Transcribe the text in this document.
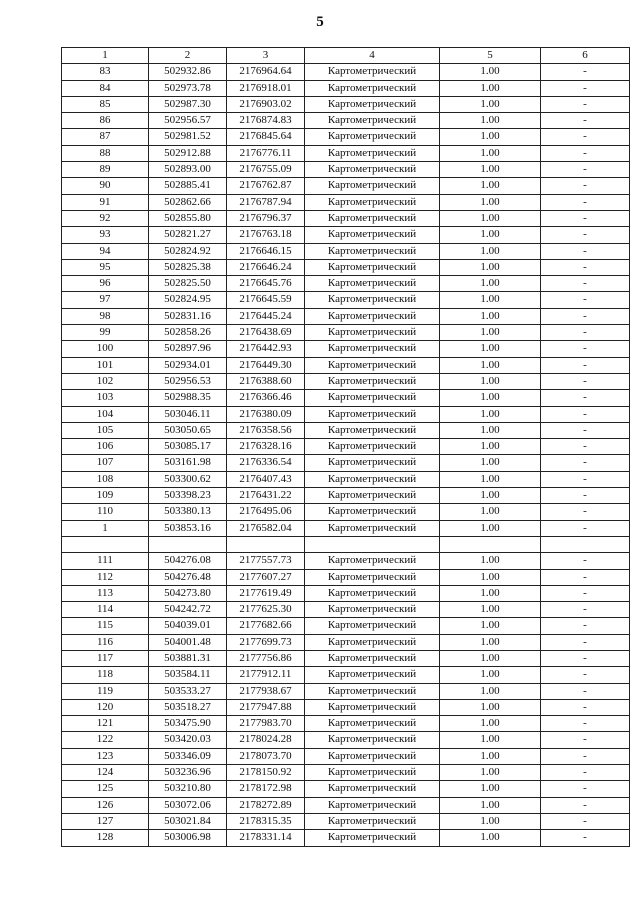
5
1	2	3	4	5	6
83	502932.86	2176964.64	Картометрический	1.00	-
84	502973.78	2176918.01	Картометрический	1.00	-
85	502987.30	2176903.02	Картометрический	1.00	-
86	502956.57	2176874.83	Картометрический	1.00	-
87	502981.52	2176845.64	Картометрический	1.00	-
88	502912.88	2176776.11	Картометрический	1.00	-
89	502893.00	2176755.09	Картометрический	1.00	-
90	502885.41	2176762.87	Картометрический	1.00	-
91	502862.66	2176787.94	Картометрический	1.00	-
92	502855.80	2176796.37	Картометрический	1.00	-
93	502821.27	2176763.18	Картометрический	1.00	-
94	502824.92	2176646.15	Картометрический	1.00	-
95	502825.38	2176646.24	Картометрический	1.00	-
96	502825.50	2176645.76	Картометрический	1.00	-
97	502824.95	2176645.59	Картометрический	1.00	-
98	502831.16	2176445.24	Картометрический	1.00	-
99	502858.26	2176438.69	Картометрический	1.00	-
100	502897.96	2176442.93	Картометрический	1.00	-
101	502934.01	2176449.30	Картометрический	1.00	-
102	502956.53	2176388.60	Картометрический	1.00	-
103	502988.35	2176366.46	Картометрический	1.00	-
104	503046.11	2176380.09	Картометрический	1.00	-
105	503050.65	2176358.56	Картометрический	1.00	-
106	503085.17	2176328.16	Картометрический	1.00	-
107	503161.98	2176336.54	Картометрический	1.00	-
108	503300.62	2176407.43	Картометрический	1.00	-
109	503398.23	2176431.22	Картометрический	1.00	-
110	503380.13	2176495.06	Картометрический	1.00	-
1	503853.16	2176582.04	Картометрический	1.00	-

111	504276.08	2177557.73	Картометрический	1.00	-
112	504276.48	2177607.27	Картометрический	1.00	-
113	504273.80	2177619.49	Картометрический	1.00	-
114	504242.72	2177625.30	Картометрический	1.00	-
115	504039.01	2177682.66	Картометрический	1.00	-
116	504001.48	2177699.73	Картометрический	1.00	-
117	503881.31	2177756.86	Картометрический	1.00	-
118	503584.11	2177912.11	Картометрический	1.00	-
119	503533.27	2177938.67	Картометрический	1.00	-
120	503518.27	2177947.88	Картометрический	1.00	-
121	503475.90	2177983.70	Картометрический	1.00	-
122	503420.03	2178024.28	Картометрический	1.00	-
123	503346.09	2178073.70	Картометрический	1.00	-
124	503236.96	2178150.92	Картометрический	1.00	-
125	503210.80	2178172.98	Картометрический	1.00	-
126	503072.06	2178272.89	Картометрический	1.00	-
127	503021.84	2178315.35	Картометрический	1.00	-
128	503006.98	2178331.14	Картометрический	1.00	-
